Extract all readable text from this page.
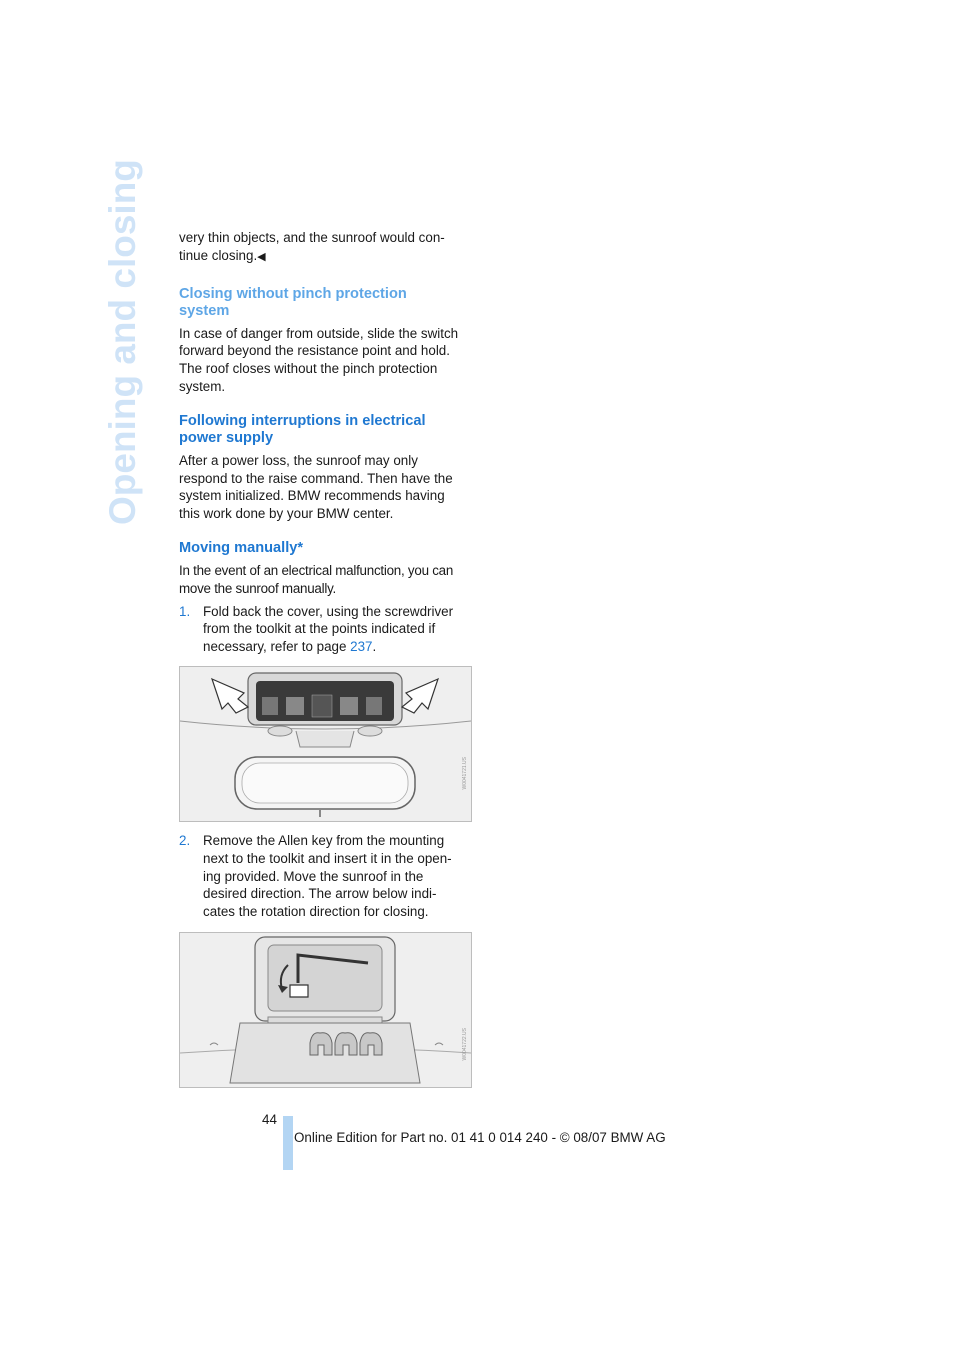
Opening and closing	very thin objects, and the sunroof would con-
tinue closing.◀

Closing without pinch protection
system

In case of danger from outside, slide the switch
forward beyond the resistance point and hold.
The roof closes without the pinch protection
system.

Following interruptions in electrical
power supply

After a power loss, the sunroof may only
respond to the raise command. Then have the
system initialized. BMW recommends having
this work done by your BMW center.

Moving manually*

In the event of an electrical malfunction, you can
move the sunroof manually.

1. Fold back the cover, using the screwdriver
from the toolkit at the points indicated if
necessary, refer to page 237.

W0041721.US

2. Remove the Allen key from the mounting
next to the toolkit and insert it in the open-
ing provided. Move the sunroof in the
desired direction. The arrow below indi-
cates the rotation direction for closing.

W0041722.US
44
Online Edition for Part no. 01 41 0 014 240 - © 08/07 BMW AG
